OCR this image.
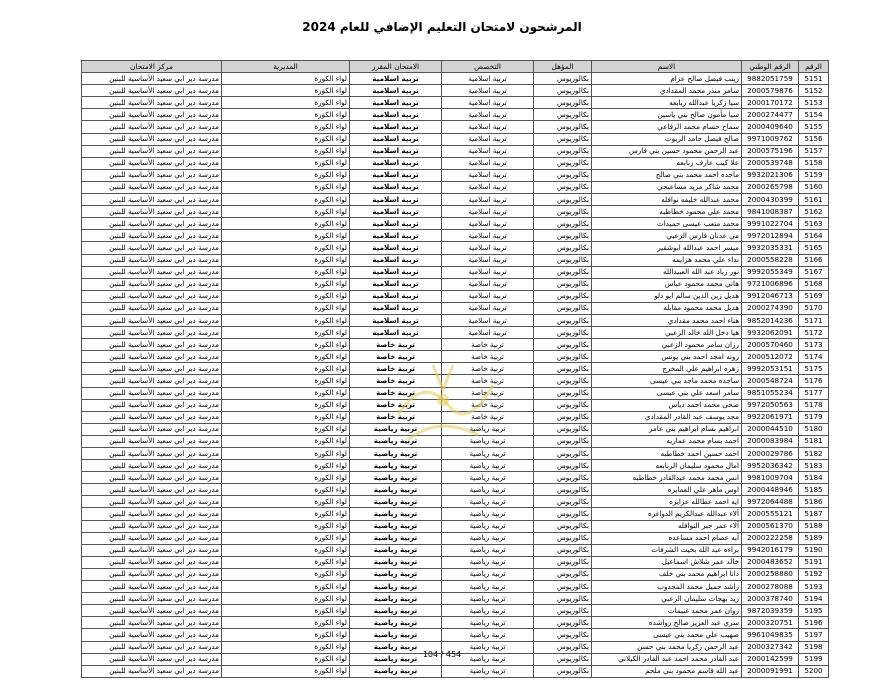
المرشحون لامتحان التعليم الإضافي للعام 2024
الرقم	الرقم الوطني	الاسم	المؤهل	التخصص	الامتحان المقرر	المديرية	مركز الامتحان
5151	9882051759	زينب فيصل صالح عزام	بكالوريوس	تربية اسلامية	تربية اسلامية	لواء الكورة	مدرسة دير ابي سعيد الأساسية للبنين
5152	2000579876	سامر منذر محمد المقدادي	بكالوريوس	تربية اسلامية	تربية اسلامية	لواء الكورة	مدرسة دير ابي سعيد الأساسية للبنين
5153	2000170172	سيا زكريا عبدالله ربابعه	بكالوريوس	تربية اسلامية	تربية اسلامية	لواء الكورة	مدرسة دير ابي سعيد الأساسية للبنين
5154	2000274477	سيا مأمون صالح بني ياسين	بكالوريوس	تربية اسلامية	تربية اسلامية	لواء الكورة	مدرسة دير ابي سعيد الأساسية للبنين
5155	2000409640	سماح حسام محمد الرفاعي	بكالوريوس	تربية اسلامية	تربية اسلامية	لواء الكورة	مدرسة دير ابي سعيد الأساسية للبنين
5156	9971009762	صالح فيصل حامد الزيوت	بكالوريوس	تربية اسلامية	تربية اسلامية	لواء الكورة	مدرسة دير ابي سعيد الأساسية للبنين
5157	2000575196	عبد الرحمن محمود حسين بني فارس	بكالوريوس	تربية اسلامية	تربية اسلامية	لواء الكورة	مدرسة دير ابي سعيد الأساسية للبنين
5158	2000539748	علا كيب عارف ربابعه	بكالوريوس	تربية اسلامية	تربية اسلامية	لواء الكورة	مدرسة دير ابي سعيد الأساسية للبنين
5159	9932021306	ماجده احمد محمد بني صالح	بكالوريوس	تربية اسلامية	تربية اسلامية	لواء الكورة	مدرسة دير ابي سعيد الأساسية للبنين
5160	2000265798	محمد شاكر مزيد مساعيجي	بكالوريوس	تربية اسلامية	تربية اسلامية	لواء الكورة	مدرسة دير ابي سعيد الأساسية للبنين
5161	2000430399	محمد عبدالله خليفه نوافله	بكالوريوس	تربية اسلامية	تربية اسلامية	لواء الكورة	مدرسة دير ابي سعيد الأساسية للبنين
5162	9841008387	محمد علي محمود خطاطبه	بكالوريوس	تربية اسلامية	تربية اسلامية	لواء الكورة	مدرسة دير ابي سعيد الأساسية للبنين
5163	9991022704	محمد متعب عيسى حميدات	بكالوريوس	تربية اسلامية	تربية اسلامية	لواء الكورة	مدرسة دير ابي سعيد الأساسية للبنين
5164	9972012894	مي عدنان فارس الزعبي	بكالوريوس	تربية اسلامية	تربية اسلامية	لواء الكورة	مدرسة دير ابي سعيد الأساسية للبنين
5165	9932035331	ميسر احمد عبدالله ابوشقير	بكالوريوس	تربية اسلامية	تربية اسلامية	لواء الكورة	مدرسة دير ابي سعيد الأساسية للبنين
5166	2000558228	نداء علي محمد هزايمه	بكالوريوس	تربية اسلامية	تربية اسلامية	لواء الكورة	مدرسة دير ابي سعيد الأساسية للبنين
5167	9992055349	نور زياد عبد الله العبيدالله	بكالوريوس	تربية اسلامية	تربية اسلامية	لواء الكورة	مدرسة دير ابي سعيد الأساسية للبنين
5168	9721006896	هاني محمد محمود عباس	بكالوريوس	تربية اسلامية	تربية اسلامية	لواء الكورة	مدرسة دير ابي سعيد الأساسية للبنين
5169	9912046713	هديل زين الدين سالم ابو دلو	بكالوريوس	تربية اسلامية	تربية اسلامية	لواء الكورة	مدرسة دير ابي سعيد الأساسية للبنين
5170	2000274390	هديل محمد محمود مقابله	بكالوريوس	تربية اسلامية	تربية اسلامية	لواء الكورة	مدرسة دير ابي سعيد الأساسية للبنين
5171	9852014236	هناء احمد محمد مقدادي	بكالوريوس	تربية اسلامية	تربية اسلامية	لواء الكورة	مدرسة دير ابي سعيد الأساسية للبنين
5172	9932062091	هيا دخل الله خالد الزعبي	بكالوريوس	تربية اسلامية	تربية اسلامية	لواء الكورة	مدرسة دير ابي سعيد الأساسية للبنين
5173	2000570460	رزان سامر محمود الزعبي	بكالوريوس	تربية خاصة	تربية خاصة	لواء الكورة	مدرسة دير ابي سعيد الأساسية للبنين
5174	2000512072	رونه امجد احمد بني يونس	بكالوريوس	تربية خاصة	تربية خاصة	لواء الكورة	مدرسة دير ابي سعيد الأساسية للبنين
5175	9992053151	زهره ابراهيم علي المخرج	بكالوريوس	تربية خاصة	تربية خاصة	لواء الكورة	مدرسة دير ابي سعيد الأساسية للبنين
5176	2000548724	ساجده محمد ماجد بني عيسى	بكالوريوس	تربية خاصة	تربية خاصة	لواء الكورة	مدرسة دير ابي سعيد الأساسية للبنين
5177	9851055234	سامر اسعد علي بني عيسى	بكالوريوس	تربية خاصة	تربية خاصة	لواء الكورة	مدرسة دير ابي سعيد الأساسية للبنين
5178	9972050563	ضحى محمد احمد دياس	بكالوريوس	تربية خاصة	تربية خاصة	لواء الكورة	مدرسة دير ابي سعيد الأساسية للبنين
5179	9922061971	مجد يوسف عبد القادر المقدادي	بكالوريوس	تربية خاصة	تربية خاصة	لواء الكورة	مدرسة دير ابي سعيد الأساسية للبنين
5180	2000044510	ابراهيم بسام ابراهيم بني عامر	بكالوريوس	تربية رياضية	تربية رياضية	لواء الكورة	مدرسة دير ابي سعيد الأساسية للبنين
5181	2000083984	احمد بسام محمد عماريه	بكالوريوس	تربية رياضية	تربية رياضية	لواء الكورة	مدرسة دير ابي سعيد الأساسية للبنين
5182	2000029786	احمد حسين احمد خطاطبه	بكالوريوس	تربية رياضية	تربية رياضية	لواء الكورة	مدرسة دير ابي سعيد الأساسية للبنين
5183	9952036342	امال محمود سليمان الربابعه	بكالوريوس	تربية رياضية	تربية رياضية	لواء الكورة	مدرسة دير ابي سعيد الأساسية للبنين
5184	9981009704	انس محمد محمد عبدالقادر خطاطبه	بكالوريوس	تربية رياضية	تربية رياضية	لواء الكورة	مدرسة دير ابي سعيد الأساسية للبنين
5185	2000448946	اوس ماهر علي العمايره	بكالوريوس	تربية رياضية	تربية رياضية	لواء الكورة	مدرسة دير ابي سعيد الأساسية للبنين
5186	9972064488	ايه احمد عطالله عزايزه	بكالوريوس	تربية رياضية	تربية رياضية	لواء الكورة	مدرسة دير ابي سعيد الأساسية للبنين
5187	2000555121	آلاء عبدالله عبدالكريم الدواغره	بكالوريوس	تربية رياضية	تربية رياضية	لواء الكورة	مدرسة دير ابي سعيد الأساسية للبنين
5188	2000561370	آلاء عمر جبر النوافله	بكالوريوس	تربية رياضية	تربية رياضية	لواء الكورة	مدرسة دير ابي سعيد الأساسية للبنين
5189	2000222258	آيه عصام احمد مساعده	بكالوريوس	تربية رياضية	تربية رياضية	لواء الكورة	مدرسة دير ابي سعيد الأساسية للبنين
5190	9942016179	براءه عبد الله بخيت الشرفات	بكالوريوس	تربية رياضية	تربية رياضية	لواء الكورة	مدرسة دير ابي سعيد الأساسية للبنين
5191	2000483652	خالد عمر شلاش اسماعيل	بكالوريوس	تربية رياضية	تربية رياضية	لواء الكورة	مدرسة دير ابي سعيد الأساسية للبنين
5192	2000258880	دانا ابراهيم محمد بني خلف	بكالوريوس	تربية رياضية	تربية رياضية	لواء الكورة	مدرسة دير ابي سعيد الأساسية للبنين
5193	2000278088	راشد جميل محمد المجدوب	بكالوريوس	تربية رياضية	تربية رياضية	لواء الكورة	مدرسة دير ابي سعيد الأساسية للبنين
5194	2000378740	زيد بهجات سليمان الزعبي	بكالوريوس	تربية رياضية	تربية رياضية	لواء الكورة	مدرسة دير ابي سعيد الأساسية للبنين
5195	9872039359	روان عمر محمد غنيمات	بكالوريوس	تربية رياضية	تربية رياضية	لواء الكورة	مدرسة دير ابي سعيد الأساسية للبنين
5196	2000320751	سري عبد العزيز صالح رواشده	بكالوريوس	تربية رياضية	تربية رياضية	لواء الكورة	مدرسة دير ابي سعيد الأساسية للبنين
5197	9961049835	صهيب علي محمد بني عيسى	بكالوريوس	تربية رياضية	تربية رياضية	لواء الكورة	مدرسة دير ابي سعيد الأساسية للبنين
5198	2000327342	عبد الرحمن زكريا محمد بني حسن	بكالوريوس	تربية رياضية	تربية رياضية	لواء الكورة	مدرسة دير ابي سعيد الأساسية للبنين
5199	2000142599	عبد القادر محمد احمد عبد القادر الكيلاني	بكالوريوس	تربية رياضية	تربية رياضية	لواء الكورة	مدرسة دير ابي سعيد الأساسية للبنين
5200	2000091991	عبد الله قاسم محمود بني ملحم	بكالوريوس	تربية رياضية	تربية رياضية	لواء الكورة	مدرسة دير ابي سعيد الأساسية للبنين
104 / 454
